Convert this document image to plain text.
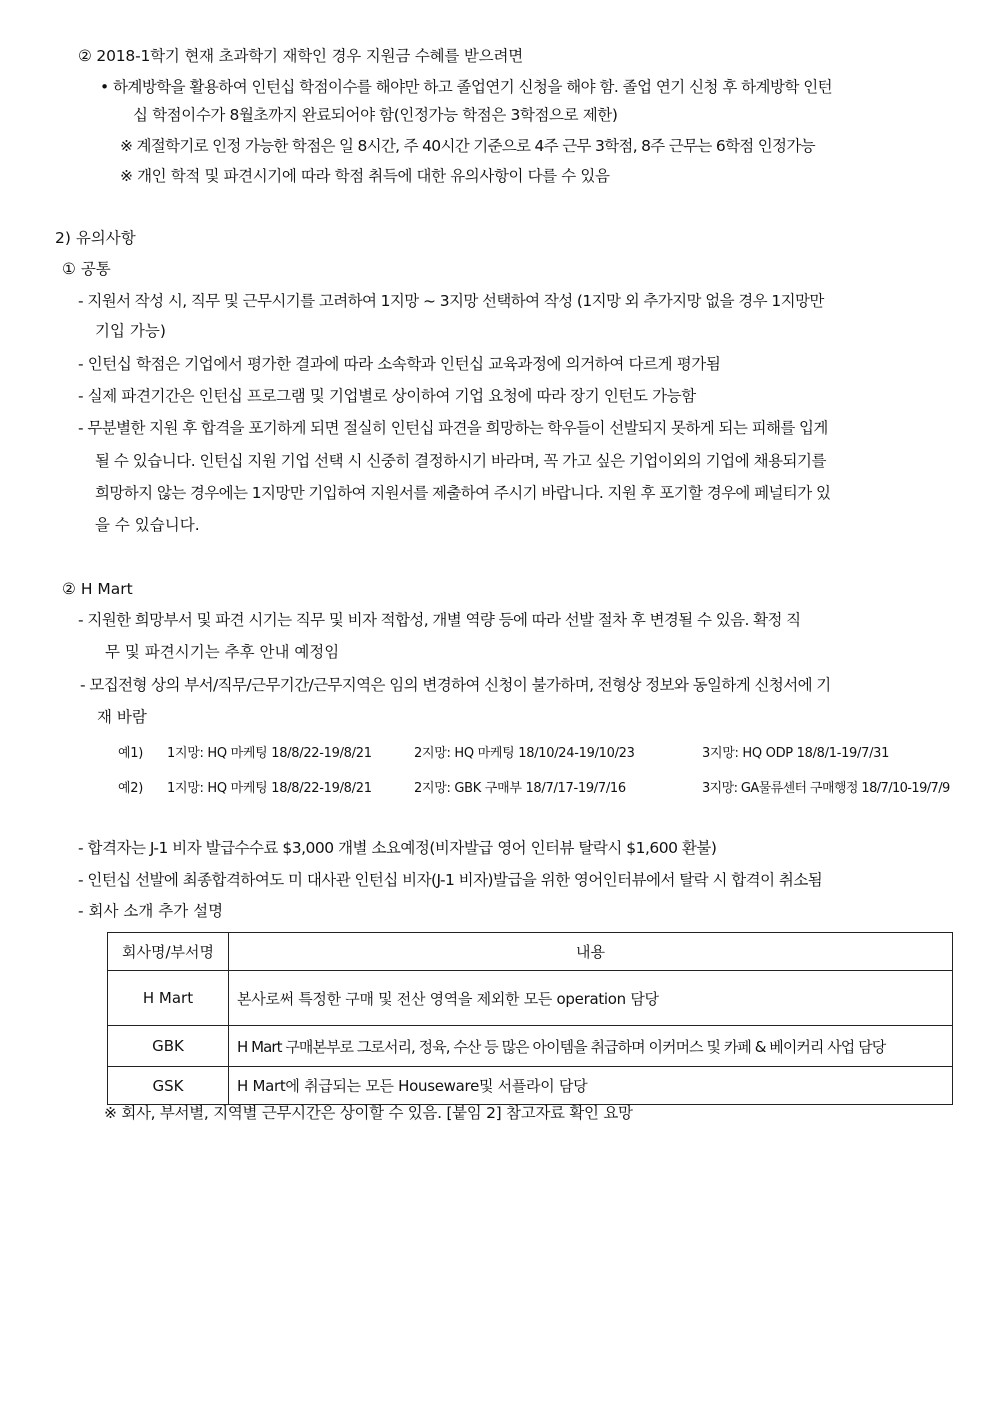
② 2018-1학기 현재 초과학기 재학인 경우 지원금 수혜를 받으려면
• 하계방학을 활용하여 인턴십 학점이수를 해야만 하고 졸업연기 신청을 해야 함. 졸업 연기 신청 후 하계방학 인턴
십 학점이수가 8월초까지 완료되어야 함(인정가능 학점은 3학점으로 제한)
※ 계절학기로 인정 가능한 학점은 일 8시간, 주 40시간 기준으로 4주 근무 3학점, 8주 근무는 6학점 인정가능
※ 개인 학적 및 파견시기에 따라 학점 취득에 대한 유의사항이 다를 수 있음
2) 유의사항
① 공통
- 지원서 작성 시, 직무 및 근무시기를 고려하여 1지망 ~ 3지망 선택하여 작성 (1지망 외 추가지망 없을 경우 1지망만
기입 가능)
- 인턴십 학점은 기업에서 평가한 결과에 따라 소속학과 인턴십 교육과정에 의거하여 다르게 평가됨
- 실제 파견기간은 인턴십 프로그램 및 기업별로 상이하여 기업 요청에 따라 장기 인턴도 가능함
- 무분별한 지원 후 합격을 포기하게 되면 절실히 인턴십 파견을 희망하는 학우들이 선발되지 못하게 되는 피해를 입게
될 수 있습니다. 인턴십 지원 기업 선택 시 신중히 결정하시기 바라며, 꼭 가고 싶은 기업이외의 기업에 채용되기를
희망하지 않는 경우에는 1지망만 기입하여 지원서를 제출하여 주시기 바랍니다. 지원 후 포기할 경우에 페널티가 있
을 수 있습니다.
② H Mart
- 지원한 희망부서 및 파견 시기는 직무 및 비자 적합성, 개별 역량 등에 따라 선발 절차 후 변경될 수 있음. 확정 직
무 및 파견시기는 추후 안내 예정임
- 모집전형 상의 부서/직무/근무기간/근무지역은 임의 변경하여 신청이 불가하며, 전형상 정보와 동일하게 신청서에 기
재 바람
예1) 1지망: HQ 마케팅 18/8/22-19/8/21	2지망: HQ 마케팅 18/10/24-19/10/23	3지망: HQ ODP 18/8/1-19/7/31
예2) 1지망: HQ 마케팅 18/8/22-19/8/21	2지망: GBK 구매부 18/7/17-19/7/16	3지망: GA물류센터 구매행정 18/7/10-19/7/9
- 합격자는 J-1 비자 발급수수료 $3,000 개별 소요예정(비자발급 영어 인터뷰 탈락시 $1,600 환불)
- 인턴십 선발에 최종합격하여도 미 대사관 인턴십 비자(J-1 비자)발급을 위한 영어인터뷰에서 탈락 시 합격이 취소됨
- 회사 소개 추가 설명
회사명/부서명	내용
H Mart	본사로써 특정한 구매 및 전산 영역을 제외한 모든 operation 담당
GBK	H Mart 구매본부로 그로서리, 정육, 수산 등 많은 아이템을 취급하며 이커머스 및 카페 & 베이커리 사업 담당
GSK	H Mart에 취급되는 모든 Houseware및 서플라이 담당
※ 회사, 부서별, 지역별 근무시간은 상이할 수 있음. [붙임 2] 참고자료 확인 요망
